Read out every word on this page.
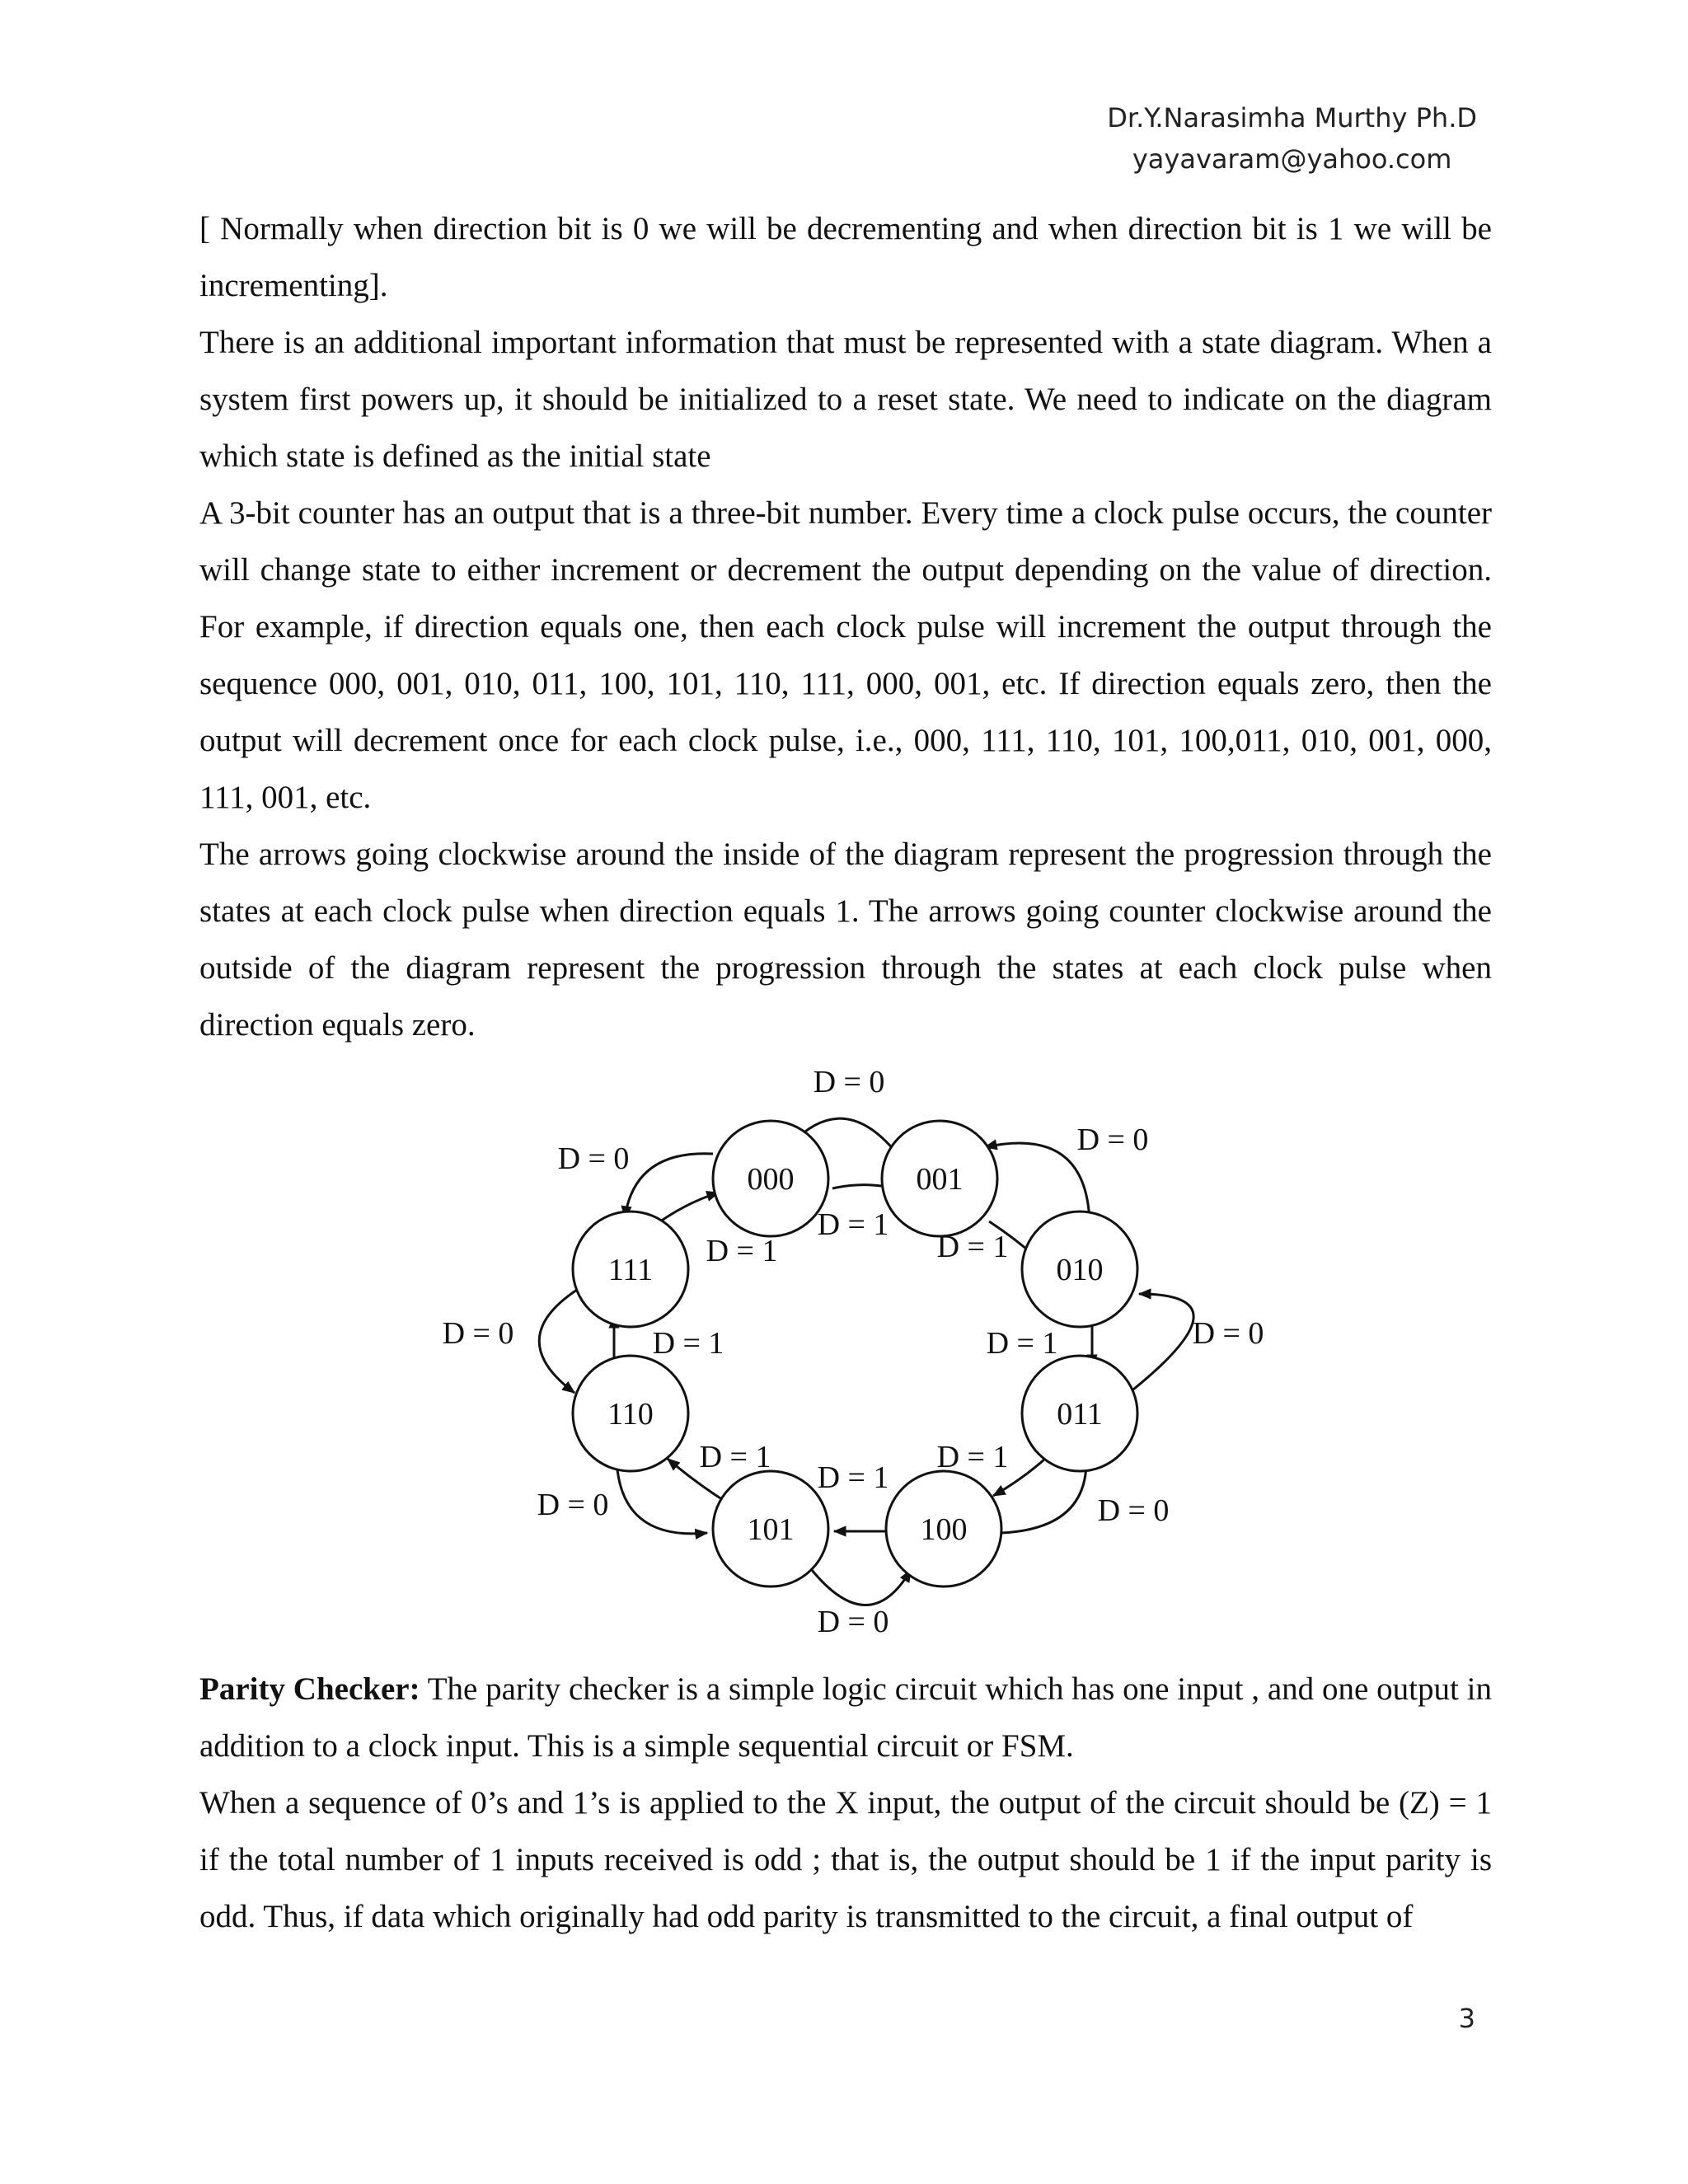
Dr.Y.Narasimha Murthy Ph.D
yayavaram@yahoo.com

[ Normally when direction bit is 0 we will be decrementing and when direction bit is 1 we will be incrementing].

There is an additional important information that must be represented with a state diagram. When a system first powers up, it should be initialized to a reset state. We need to indicate on the diagram which state is defined as the initial state

A 3-bit counter has an output that is a three-bit number. Every time a clock pulse occurs, the counter will change state to either increment or decrement the output depending on the value of direction. For example, if direction equals one, then each clock pulse will increment the output through the sequence 000, 001, 010, 011, 100, 101, 110, 111, 000, 001, etc. If direction equals zero, then the output will decrement once for each clock pulse, i.e., 000, 111, 110, 101, 100,011, 010, 001, 000, 111, 001, etc.

The arrows going clockwise around the inside of the diagram represent the progression through the states at each clock pulse when direction equals 1. The arrows going counter clockwise around the outside of the diagram represent the progression through the states at each clock pulse when direction equals zero.

000	001
010
011
100
101
110
111
D = 0
D = 0
D = 0
D = 0
D = 0
D = 0
D = 0
D = 0
D = 1
D = 1
D = 1
D = 1
D = 1
D = 1
D = 1
D = 1

Parity Checker: The parity checker is a simple logic circuit which has one input , and one output in addition to a clock input. This is a simple sequential circuit or FSM.

When a sequence of 0’s and 1’s is applied to the X input, the output of the circuit should be (Z) = 1 if the total number of 1 inputs received is odd ; that is, the output should be 1 if the input parity is odd. Thus, if data which originally had odd parity is transmitted to the circuit, a final output of

3
